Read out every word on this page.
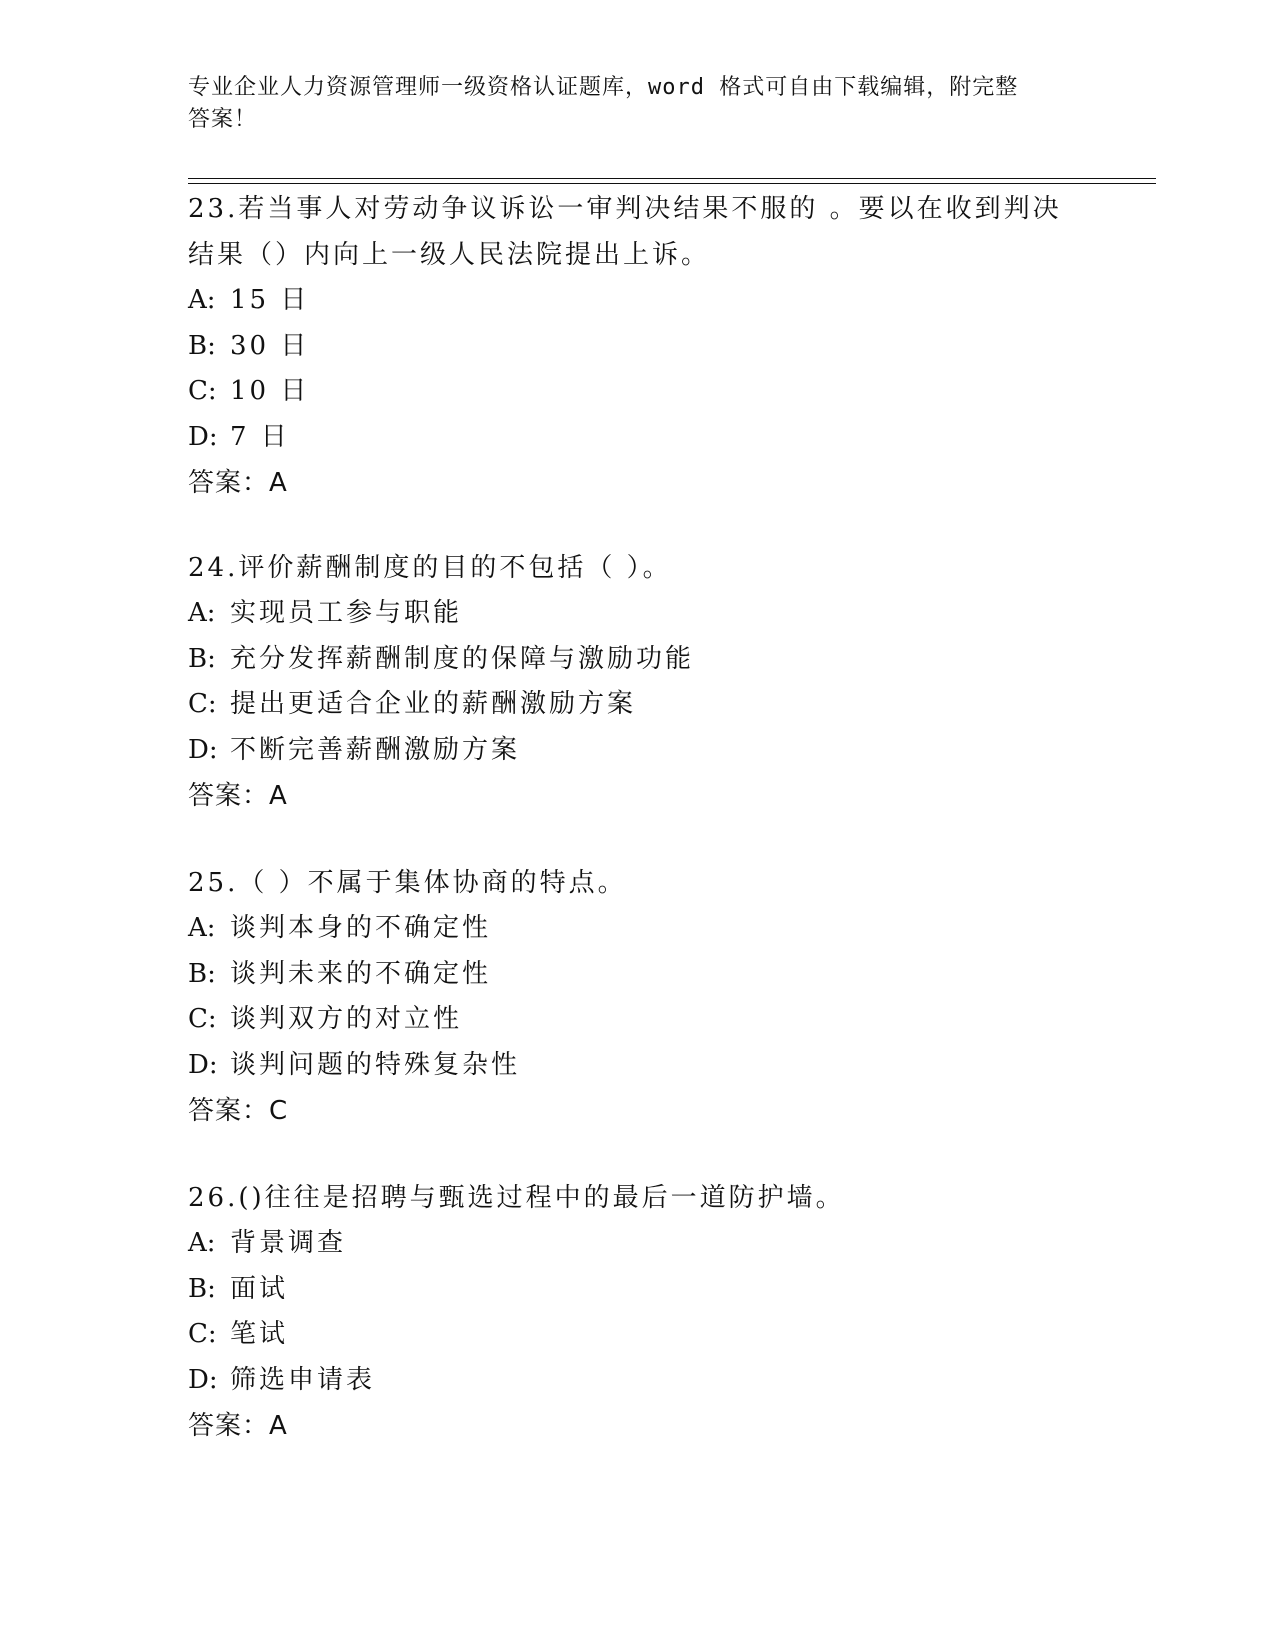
专业企业人力资源管理师一级资格认证题库，word 格式可自由下载编辑，附完整
答案！
23.若当事人对劳动争议诉讼一审判决结果不服的 。要以在收到判决
结果（）内向上一级人民法院提出上诉。
A: 15 日
B: 30 日
C: 10 日
D: 7 日
答案：A
24.评价薪酬制度的目的不包括（ ）。
A: 实现员工参与职能
B: 充分发挥薪酬制度的保障与激励功能
C: 提出更适合企业的薪酬激励方案
D: 不断完善薪酬激励方案
答案：A
25.（ ）不属于集体协商的特点。
A: 谈判本身的不确定性
B: 谈判未来的不确定性
C: 谈判双方的对立性
D: 谈判问题的特殊复杂性
答案：C
26.()往往是招聘与甄选过程中的最后一道防护墙。
A: 背景调查
B: 面试
C: 笔试
D: 筛选申请表
答案：A
